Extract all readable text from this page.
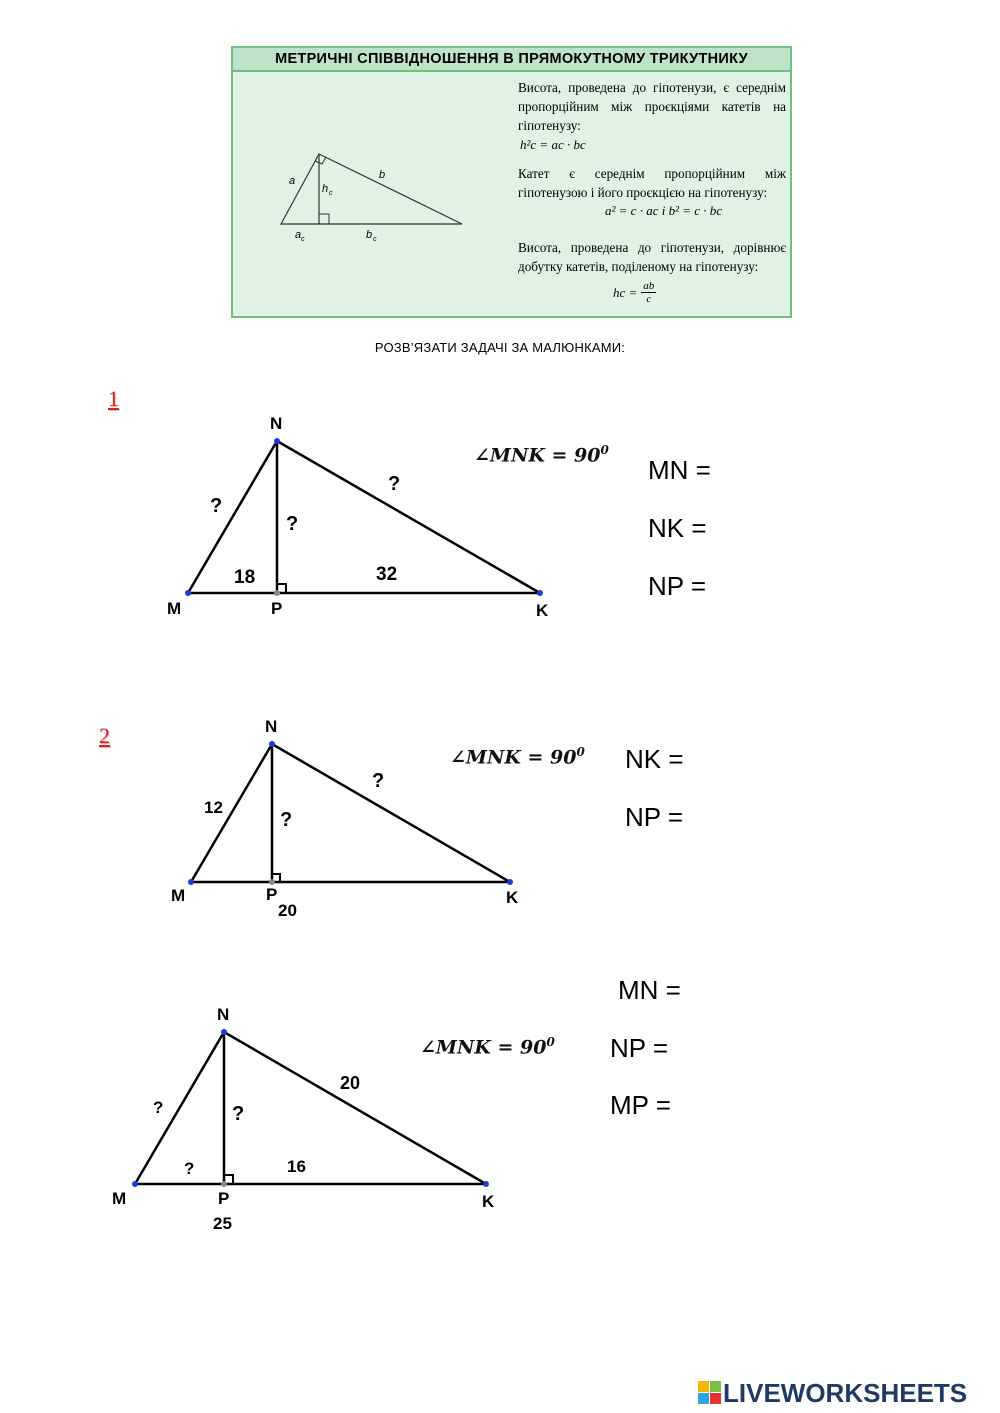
МЕТРИЧНІ СПІВВІДНОШЕННЯ В ПРЯМОКУТНОМУ ТРИКУТНИКУ
a	b
h c
a c	b c
Висота, проведена до гіпотенузи, є середнім пропорційним між проєкціями катетів на гіпотенузу:
h²c = ac · bc
Катет є середнім пропорційним між гіпотенузою і його проєкцією на гіпотенузу:
a² = c · ac і b² = c · bc
Висота, проведена до гіпотенузи, дорівнює добутку катетів, поділеному на гіпотенузу:
hc = $\frac{ab}{c}$
РОЗВ’ЯЗАТИ ЗАДАЧІ ЗА МАЛЮНКАМИ:
1
M
N
P	K
?
?
?
18	32
∠MNK = $90^0$
MN =
NK =
NP =
2
M
N
P	K
12
?
?
20
∠MNK = $90^0$ NK =
NP =
M
N
P	K
?
20
?
?	16
25
∠MNK = $90^0$
MN =
NP =
MP =
LIVEWORKSHEETS
